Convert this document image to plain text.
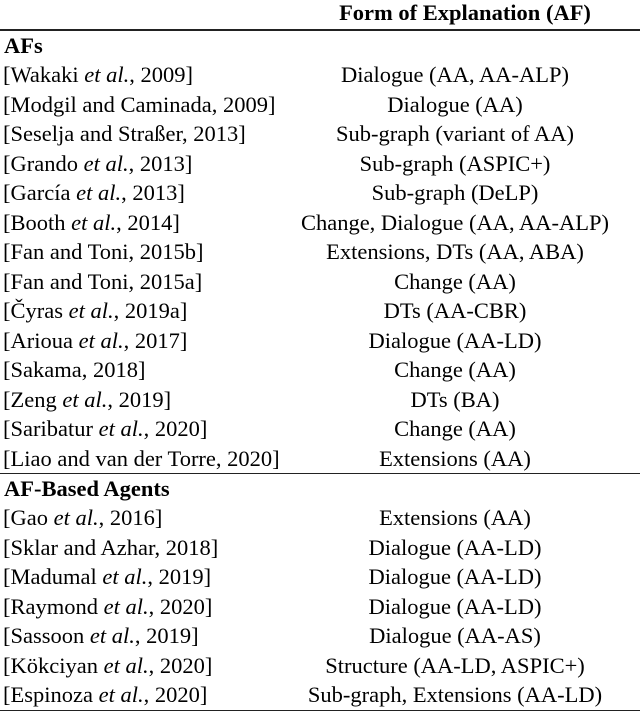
Form of Explanation (AF)
AFs
[Wakaki et al., 2009]	Dialogue (AA, AA-ALP)
[Modgil and Caminada, 2009]	Dialogue (AA)
[Seselja and Straßer, 2013]	Sub-graph (variant of AA)
[Grando et al., 2013]	Sub-graph (ASPIC+)
[García et al., 2013]	Sub-graph (DeLP)
[Booth et al., 2014]	Change, Dialogue (AA, AA-ALP)
[Fan and Toni, 2015b]	Extensions, DTs (AA, ABA)
[Fan and Toni, 2015a]	Change (AA)
[Čyras et al., 2019a]	DTs (AA-CBR)
[Arioua et al., 2017]	Dialogue (AA-LD)
[Sakama, 2018]	Change (AA)
[Zeng et al., 2019]	DTs (BA)
[Saribatur et al., 2020]	Change (AA)
[Liao and van der Torre, 2020]	Extensions (AA)
AF-Based Agents
[Gao et al., 2016]	Extensions (AA)
[Sklar and Azhar, 2018]	Dialogue (AA-LD)
[Madumal et al., 2019]	Dialogue (AA-LD)
[Raymond et al., 2020]	Dialogue (AA-LD)
[Sassoon et al., 2019]	Dialogue (AA-AS)
[Kökciyan et al., 2020]	Structure (AA-LD, ASPIC+)
[Espinoza et al., 2020]	Sub-graph, Extensions (AA-LD)
